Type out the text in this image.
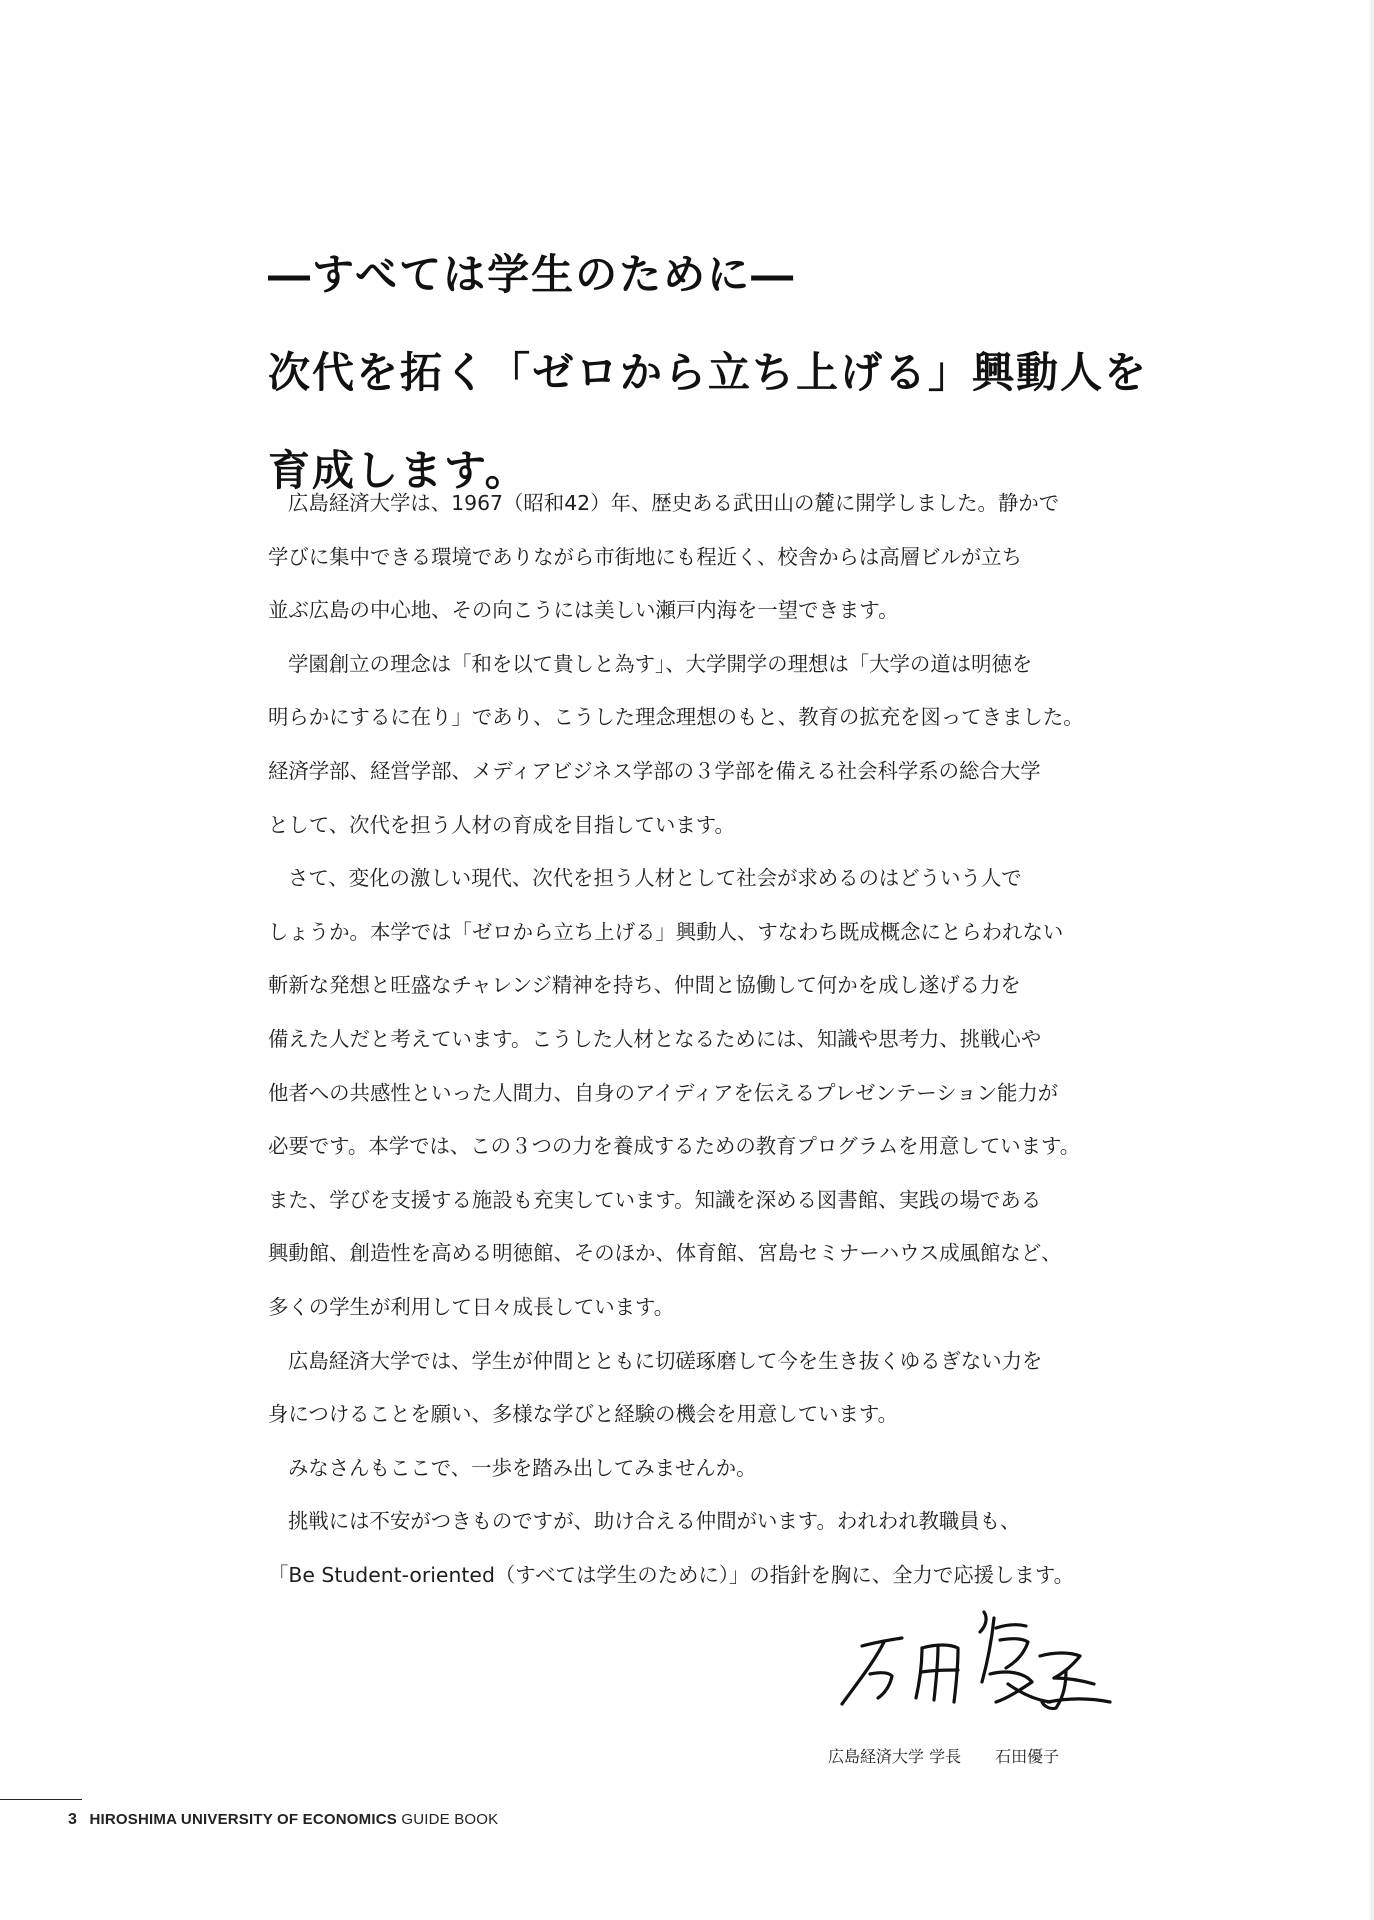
―すべては学生のために―
次代を拓く「ゼロから立ち上げる」興動人を
育成します。
広島経済大学は、1967（昭和42）年、歴史ある武田山の麓に開学しました。静かで
学びに集中できる環境でありながら市街地にも程近く、校舎からは高層ビルが立ち
並ぶ広島の中心地、その向こうには美しい瀬戸内海を一望できます。
学園創立の理念は「和を以て貴しと為す」、大学開学の理想は「大学の道は明徳を
明らかにするに在り」であり、こうした理念理想のもと、教育の拡充を図ってきました。
経済学部、経営学部、メディアビジネス学部の３学部を備える社会科学系の総合大学
として、次代を担う人材の育成を目指しています。
さて、変化の激しい現代、次代を担う人材として社会が求めるのはどういう人で
しょうか。本学では「ゼロから立ち上げる」興動人、すなわち既成概念にとらわれない
斬新な発想と旺盛なチャレンジ精神を持ち、仲間と協働して何かを成し遂げる力を
備えた人だと考えています。こうした人材となるためには、知識や思考力、挑戦心や
他者への共感性といった人間力、自身のアイディアを伝えるプレゼンテーション能力が
必要です。本学では、この３つの力を養成するための教育プログラムを用意しています。
また、学びを支援する施設も充実しています。知識を深める図書館、実践の場である
興動館、創造性を高める明徳館、そのほか、体育館、宮島セミナーハウス成風館など、
多くの学生が利用して日々成長しています。
広島経済大学では、学生が仲間とともに切磋琢磨して今を生き抜くゆるぎない力を
身につけることを願い、多様な学びと経験の機会を用意しています。
みなさんもここで、一歩を踏み出してみませんか。
挑戦には不安がつきものですが、助け合える仲間がいます。われわれ教職員も、
「Be Student-oriented（すべては学生のために）」の指針を胸に、全力で応援します。
広島経済大学 学長 石田優子
3 HIROSHIMA UNIVERSITY OF ECONOMICS GUIDE BOOK
